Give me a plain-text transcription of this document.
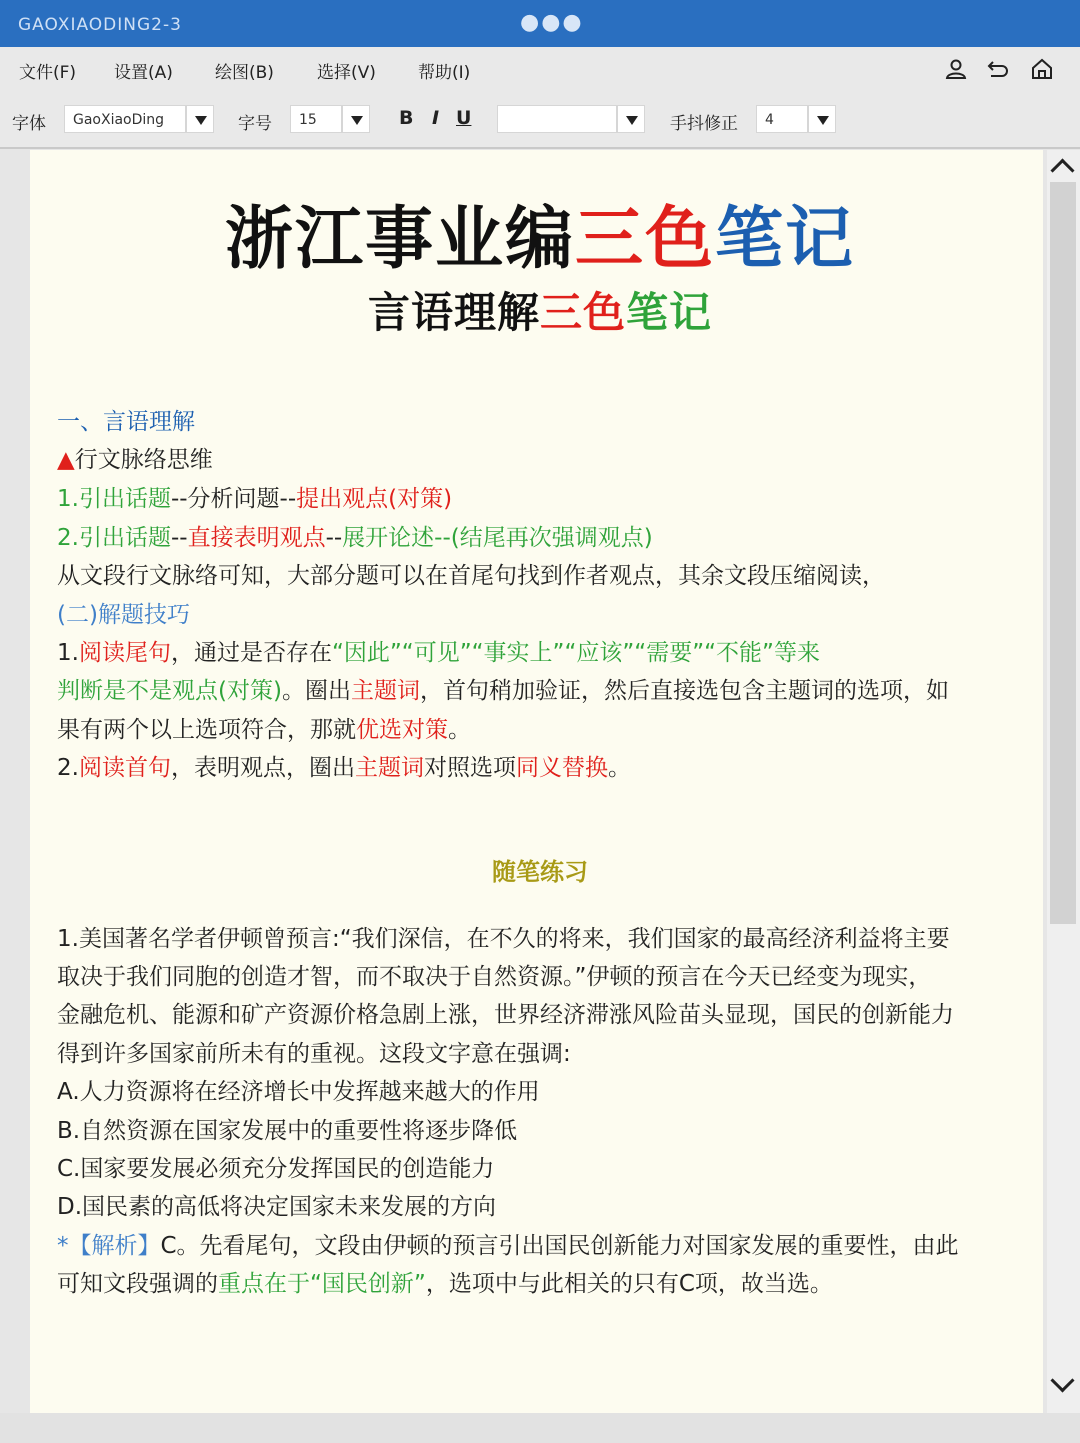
GAOXIAODING2-3	●●●
文件(F) 设置(A) 绘图(B)	选择(V) 帮助(I)
字体	GaoXiaoDing	字号	15	B I U	手抖修正	4
浙江事业编三色笔记
言语理解三色笔记
一、言语理解
▲行文脉络思维
1.引出话题--分析问题--提出观点(对策)
2.引出话题--直接表明观点--展开论述--(结尾再次强调观点)
从文段行文脉络可知，大部分题可以在首尾句找到作者观点，其余文段压缩阅读，
(二)解题技巧
1.阅读尾句，通过是否存在“因此”“可见”“事实上”“应该”“需要”“不能”等来
判断是不是观点(对策)。圈出主题词，首句稍加验证，然后直接选包含主题词的选项，如
果有两个以上选项符合，那就优选对策。
2.阅读首句，表明观点，圈出主题词对照选项同义替换。
随笔练习
1.美国著名学者伊顿曾预言:“我们深信，在不久的将来，我们国家的最高经济利益将主要
取决于我们同胞的创造才智，而不取决于自然资源。”伊顿的预言在今天已经变为现实，
金融危机、能源和矿产资源价格急剧上涨，世界经济滞涨风险苗头显现，国民的创新能力
得到许多国家前所未有的重视。这段文字意在强调:
A.人力资源将在经济增长中发挥越来越大的作用
B.自然资源在国家发展中的重要性将逐步降低
C.国家要发展必须充分发挥国民的创造能力
D.国民素的高低将决定国家未来发展的方向
*【解析】C。先看尾句，文段由伊顿的预言引出国民创新能力对国家发展的重要性，由此
可知文段强调的重点在于“国民创新”，选项中与此相关的只有C项，故当选。
